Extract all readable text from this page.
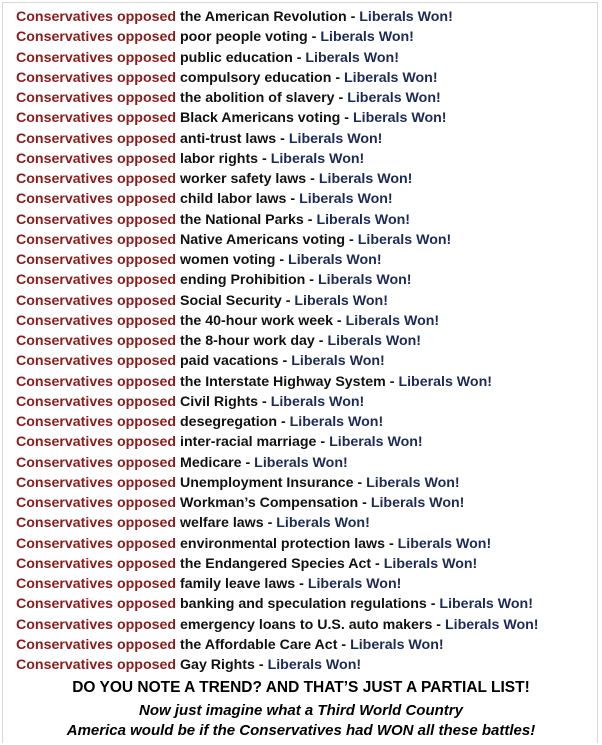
Conservatives opposed the American Revolution - Liberals Won!
Conservatives opposed poor people voting - Liberals Won!
Conservatives opposed public education - Liberals Won!
Conservatives opposed compulsory education - Liberals Won!
Conservatives opposed the abolition of slavery - Liberals Won!
Conservatives opposed Black Americans voting - Liberals Won!
Conservatives opposed anti-trust laws - Liberals Won!
Conservatives opposed labor rights - Liberals Won!
Conservatives opposed worker safety laws - Liberals Won!
Conservatives opposed child labor laws - Liberals Won!
Conservatives opposed the National Parks - Liberals Won!
Conservatives opposed Native Americans voting - Liberals Won!
Conservatives opposed women voting - Liberals Won!
Conservatives opposed ending Prohibition - Liberals Won!
Conservatives opposed Social Security - Liberals Won!
Conservatives opposed the 40-hour work week - Liberals Won!
Conservatives opposed the 8-hour work day - Liberals Won!
Conservatives opposed paid vacations - Liberals Won!
Conservatives opposed the Interstate Highway System - Liberals Won!
Conservatives opposed Civil Rights - Liberals Won!
Conservatives opposed desegregation - Liberals Won!
Conservatives opposed inter-racial marriage - Liberals Won!
Conservatives opposed Medicare - Liberals Won!
Conservatives opposed Unemployment Insurance - Liberals Won!
Conservatives opposed Workman’s Compensation - Liberals Won!
Conservatives opposed welfare laws - Liberals Won!
Conservatives opposed environmental protection laws - Liberals Won!
Conservatives opposed the Endangered Species Act - Liberals Won!
Conservatives opposed family leave laws - Liberals Won!
Conservatives opposed banking and speculation regulations - Liberals Won!
Conservatives opposed emergency loans to U.S. auto makers - Liberals Won!
Conservatives opposed the Affordable Care Act - Liberals Won!
Conservatives opposed Gay Rights - Liberals Won!
DO YOU NOTE A TREND? AND THAT’S JUST A PARTIAL LIST!
Now just imagine what a Third World Country
America would be if the Conservatives had WON all these battles!
